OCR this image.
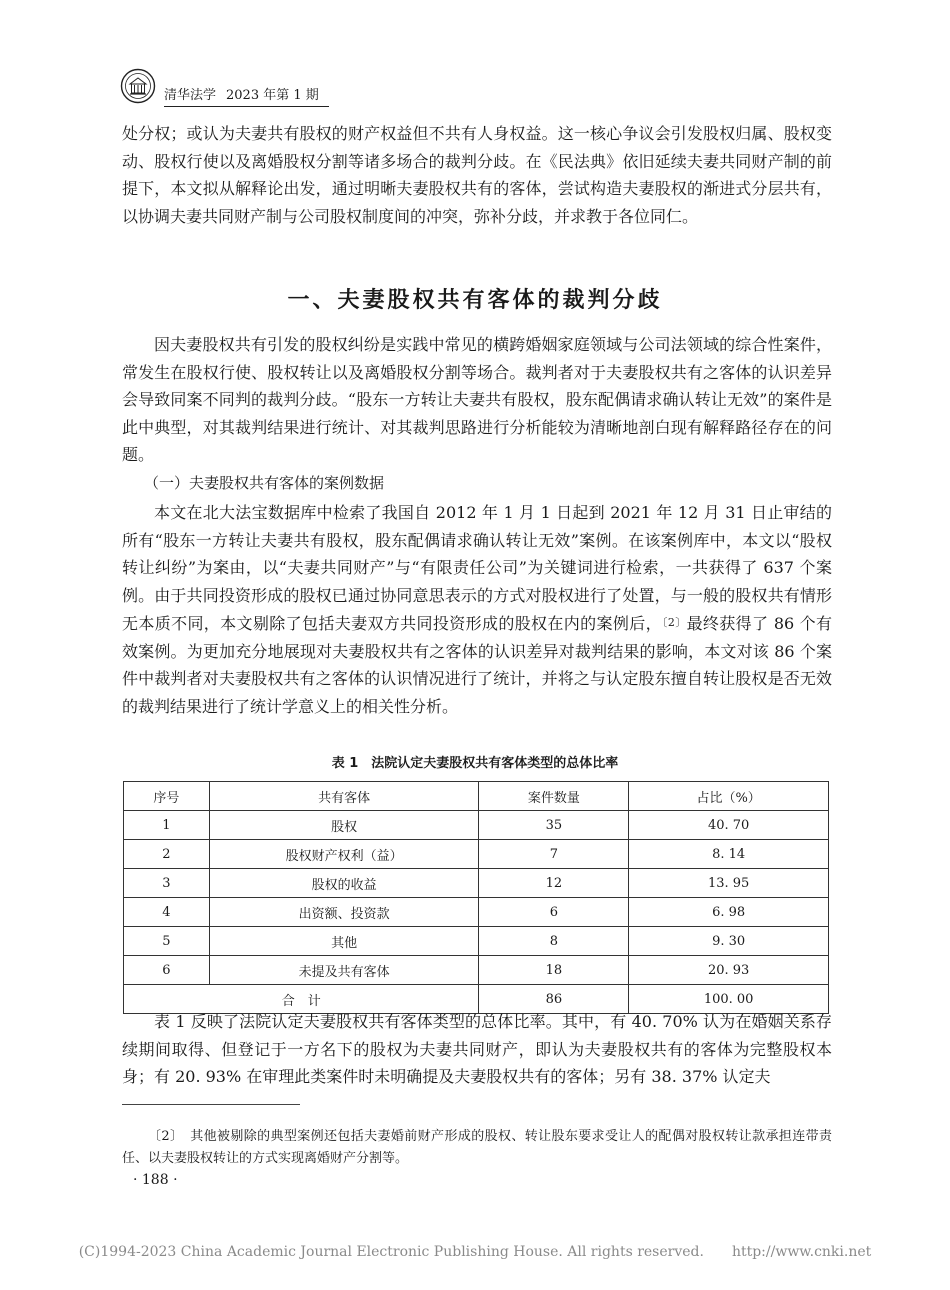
清华法学 2023 年第 1 期

处分权；或认为夫妻共有股权的财产权益但不共有人身权益。这一核心争议会引发股权归属、股权变动、股权行使以及离婚股权分割等诸多场合的裁判分歧。在《民法典》依旧延续夫妻共同财产制的前提下，本文拟从解释论出发，通过明晰夫妻股权共有的客体，尝试构造夫妻股权的渐进式分层共有，以协调夫妻共同财产制与公司股权制度间的冲突，弥补分歧，并求教于各位同仁。

一、夫妻股权共有客体的裁判分歧

因夫妻股权共有引发的股权纠纷是实践中常见的横跨婚姻家庭领域与公司法领域的综合性案件，常发生在股权行使、股权转让以及离婚股权分割等场合。裁判者对于夫妻股权共有之客体的认识差异会导致同案不同判的裁判分歧。“股东一方转让夫妻共有股权，股东配偶请求确认转让无效”的案件是此中典型，对其裁判结果进行统计、对其裁判思路进行分析能较为清晰地剖白现有解释路径存在的问题。

（一）夫妻股权共有客体的案例数据

本文在北大法宝数据库中检索了我国自 2012 年 1 月 1 日起到 2021 年 12 月 31 日止审结的所有“股东一方转让夫妻共有股权，股东配偶请求确认转让无效”案例。在该案例库中，本文以“股权转让纠纷”为案由，以“夫妻共同财产”与“有限责任公司”为关键词进行检索，一共获得了 637 个案例。由于共同投资形成的股权已通过协同意思表示的方式对股权进行了处置，与一般的股权共有情形无本质不同，本文剔除了包括夫妻双方共同投资形成的股权在内的案例后，〔2〕最终获得了 86 个有效案例。为更加充分地展现对夫妻股权共有之客体的认识差异对裁判结果的影响，本文对该 86 个案件中裁判者对夫妻股权共有之客体的认识情况进行了统计，并将之与认定股东擅自转让股权是否无效的裁判结果进行了统计学意义上的相关性分析。

表 1　法院认定夫妻股权共有客体类型的总体比率
序号	共有客体	案件数量	占比（%）
1	股权	35	40. 70
2	股权财产权利（益）	7	8. 14
3	股权的收益	12	13. 95
4	出资额、投资款	6	6. 98
5	其他	8	9. 30
6	未提及共有客体	18	20. 93
合　计		86	100. 00

表 1 反映了法院认定夫妻股权共有客体类型的总体比率。其中，有 40. 70% 认为在婚姻关系存续期间取得、但登记于一方名下的股权为夫妻共同财产，即认为夫妻股权共有的客体为完整股权本身；有 20. 93% 在审理此类案件时未明确提及夫妻股权共有的客体；另有 38. 37% 认定夫

〔2〕　其他被剔除的典型案例还包括夫妻婚前财产形成的股权、转让股东要求受让人的配偶对股权转让款承担连带责任、以夫妻股权转让的方式实现离婚财产分割等。

· 188 ·
(C)1994-2023 China Academic Journal Electronic Publishing House. All rights reserved.　　http://www.cnki.net
